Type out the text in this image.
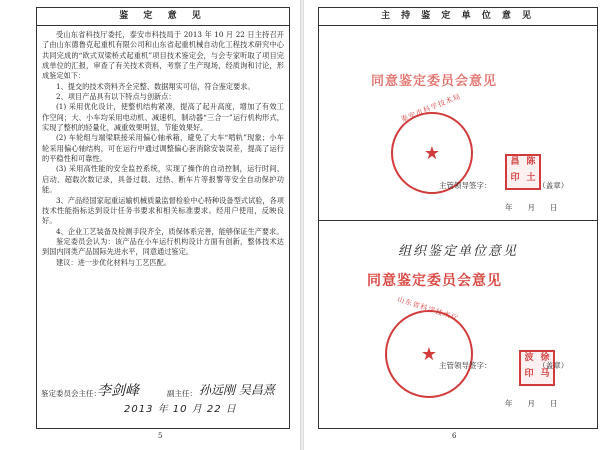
鉴 定 意 见

受山东省科技厅委托，泰安市科技局于 2013 年 10 月 22 日主持召开了由山东德鲁克起重机有限公司和山东省起重机械自动化工程技术研究中心共同完成的“欧式双梁桥式起重机”项目技术鉴定会，与会专家听取了项目完成单位的汇报，审查了有关技术资料，考察了生产现场，经质询和讨论，形成鉴定如下：

1、提交的技术资料齐全完整、数据翔实可信，符合鉴定要求。

2、项目产品具有以下特点与创新点：

(1) 采用优化设计，使整机结构紧凑，提高了起升高度，增加了有效工作空间；大、小车均采用电动机、减速机、制动器“三合一”运行机构形式，实现了整机的轻量化，减重效果明显，节能效果好。

(2) 车轮组与端梁联接采用偏心轴承箱，避免了大车“啃轨”现象；小车轮采用偏心轴结构，可在运行中通过调整偏心套消除安装误差，提高了运行的平稳性和可靠性。

(3) 采用高性能的安全监控系统，实现了操作的自动控制，运行时间、启动、超载次数记录，具备过载、过热、断车片等报警等安全自动保护功能。

3、产品经国家起重运输机械质量监督检验中心特种设备型式试验，各项技术性能指标达到设计任务书要求和相关标准要求。经用户使用，反映良好。

4、企业工艺装备及检测手段齐全，质保体系完善，能够保证生产要求。

鉴定委员会认为：该产品在小车运行机构设计方面有创新，整体技术达到国内同类产品国际先进水平，同意通过鉴定。

建议：进一步优化材料与工艺匹配。

鉴定委员会主任：
李剑峰	副主任： 孙远刚 吴昌熹
2013 年 10 月 22 日
5
主 持 鉴 定 单 位 意 见
同意鉴定委员会意见
★
泰安市科学技术局
昌 陈
印 土
主管领导签字：	（盖章）
年　　月　　日
组织鉴定单位意见
同意鉴定委员会意见
★
山东省科学技术厅
波 徐
印 马
主管领导签字：	（盖章）
年　　月　　日
6
